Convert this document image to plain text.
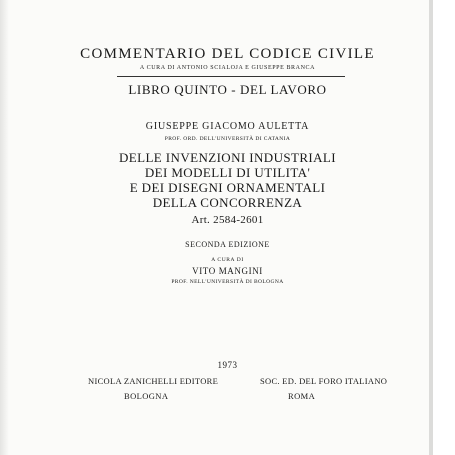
COMMENTARIO DEL CODICE CIVILE
A CURA DI ANTONIO SCIALOJA E GIUSEPPE BRANCA
LIBRO QUINTO - DEL LAVORO
GIUSEPPE GIACOMO AULETTA
PROF. ORD. DELL'UNIVERSITÀ DI CATANIA
DELLE INVENZIONI INDUSTRIALI
DEI MODELLI DI UTILITA'
E DEI DISEGNI ORNAMENTALI
DELLA CONCORRENZA
Art. 2584-2601
SECONDA EDIZIONE
A CURA DI
VITO MANGINI
PROF. NELL'UNIVERSITÀ DI BOLOGNA
1973
NICOLA ZANICHELLI EDITORE	SOC. ED. DEL FORO ITALIANO
BOLOGNA	ROMA
